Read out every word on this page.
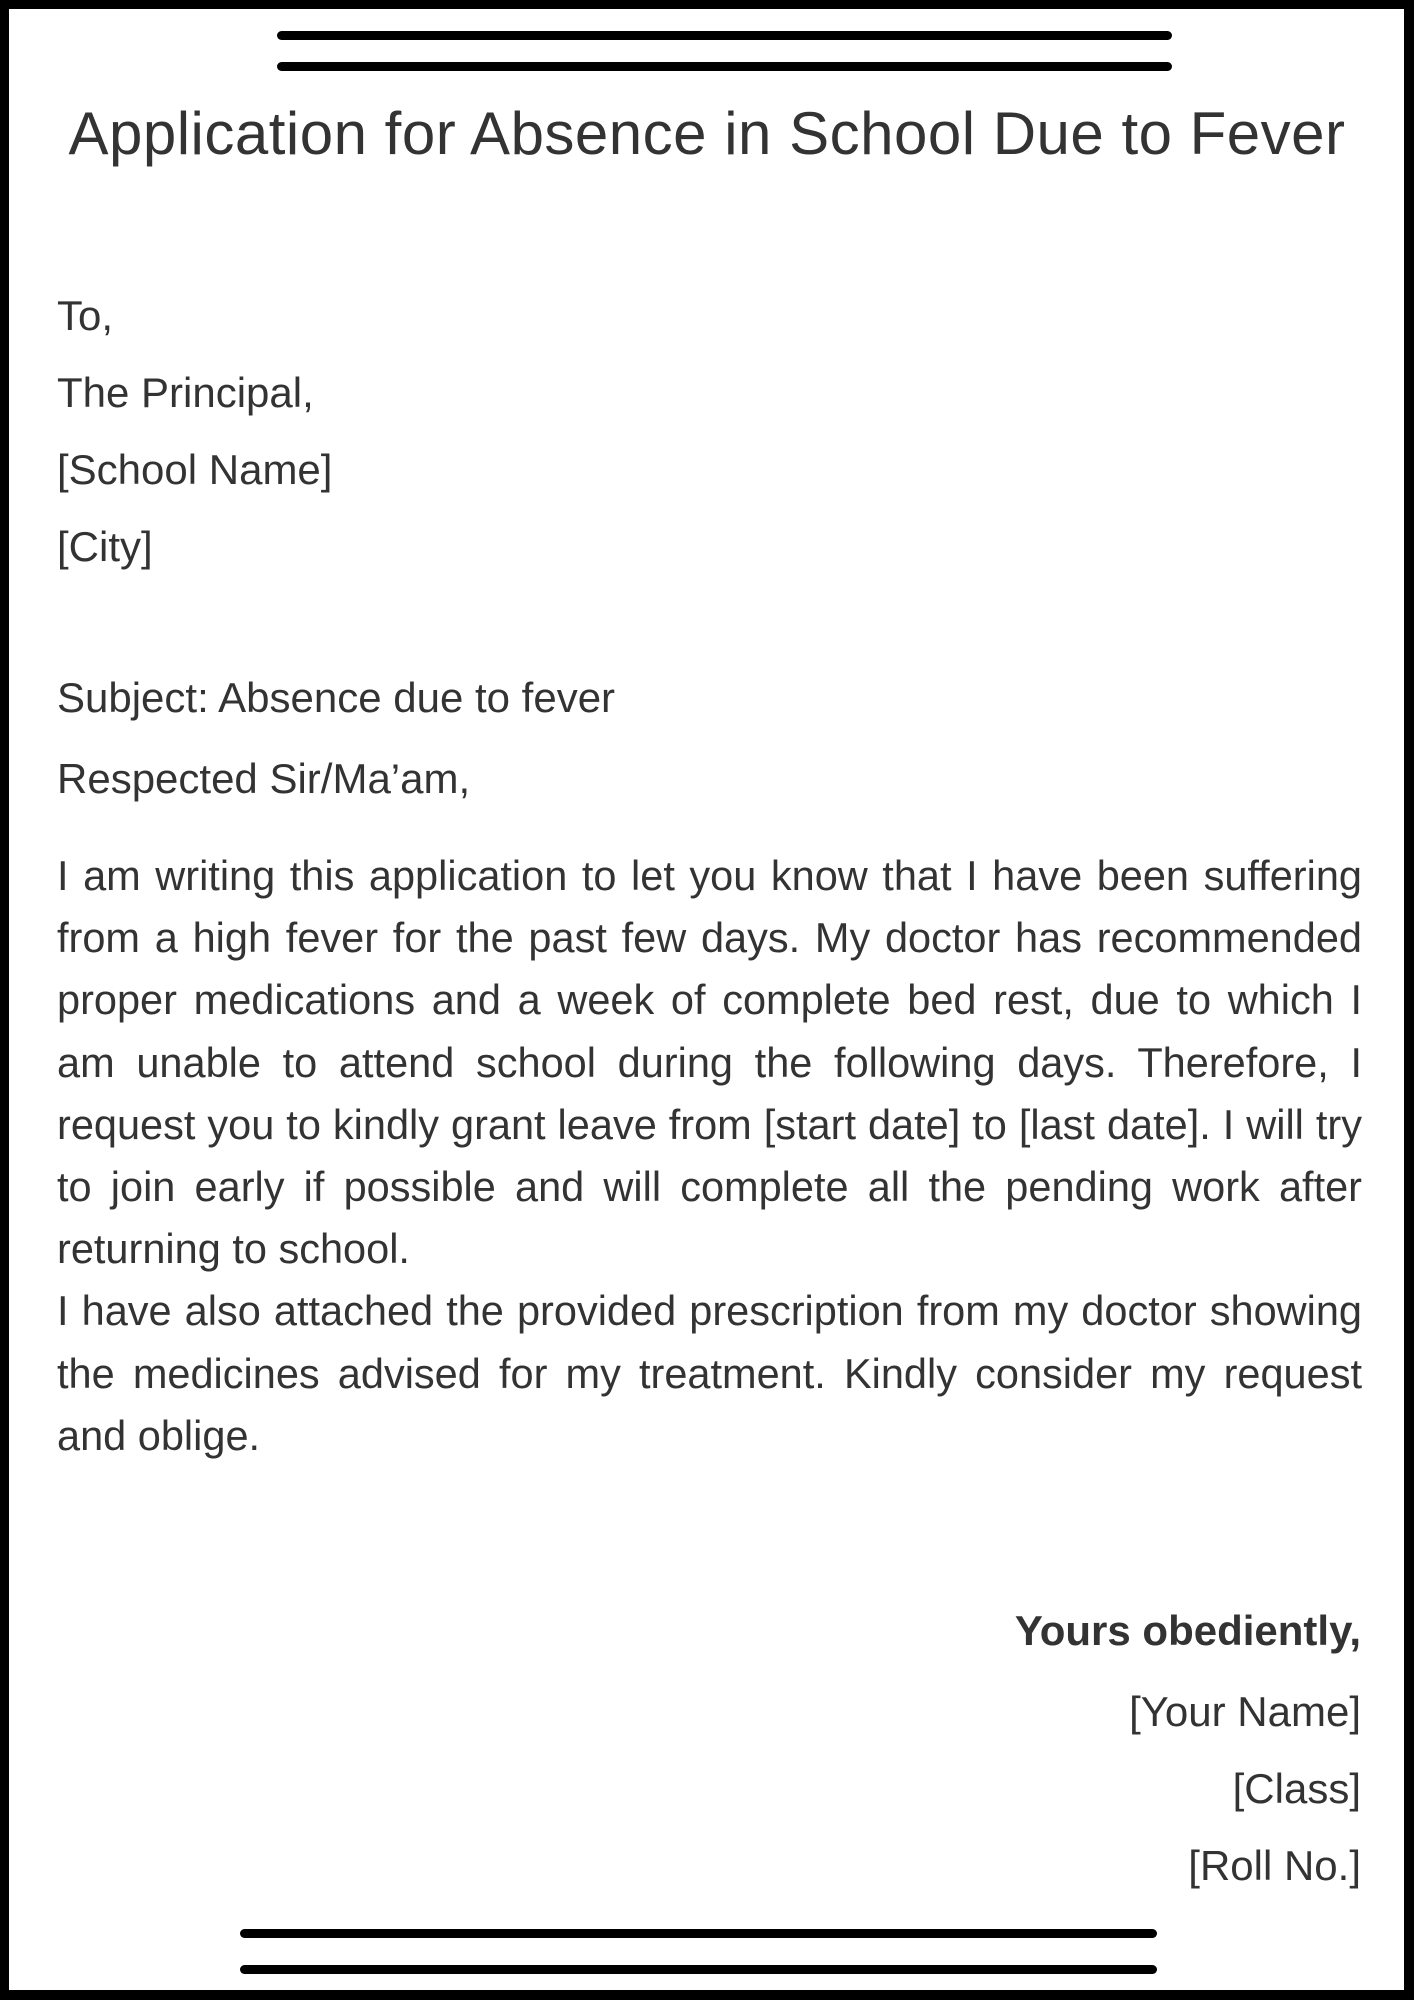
Application for Absence in School Due to Fever

To,

The Principal,

[School Name]

[City]

Subject: Absence due to fever

Respected Sir/Ma’am,

I am writing this application to let you know that I have been suffering from a high fever for the past few days. My doctor has recommended proper medications and a week of complete bed rest, due to which I am unable to attend school during the following days. Therefore, I request you to kindly grant leave from [start date] to [last date]. I will try to join early if possible and will complete all the pending work after returning to school.

I have also attached the provided prescription from my doctor showing the medicines advised for my treatment. Kindly consider my request and oblige.

Yours obediently,

[Your Name]

[Class]

[Roll No.]
